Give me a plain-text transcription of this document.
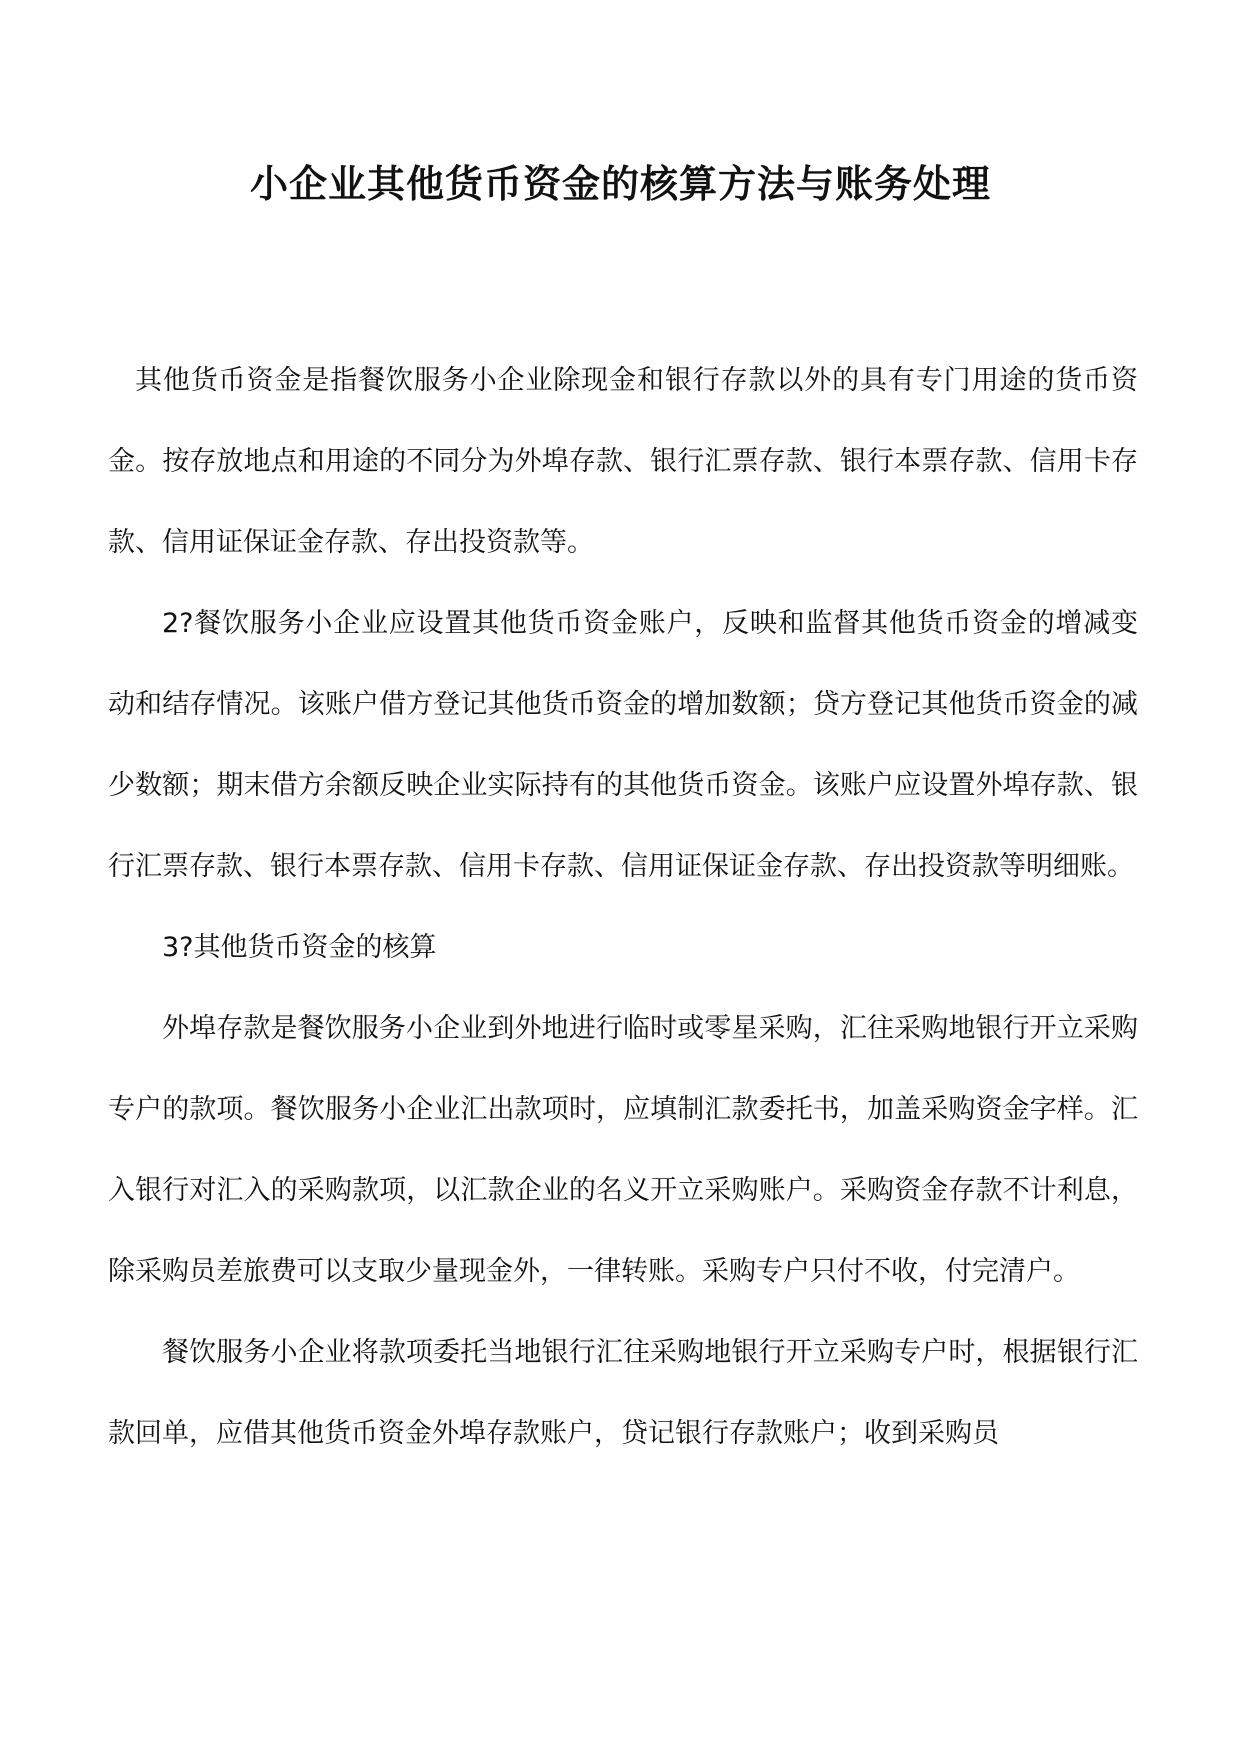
小企业其他货币资金的核算方法与账务处理

其他货币资金是指餐饮服务小企业除现金和银行存款以外的具有专门用途的货币资金。按存放地点和用途的不同分为外埠存款、银行汇票存款、银行本票存款、信用卡存款、信用证保证金存款、存出投资款等。

2?餐饮服务小企业应设置其他货币资金账户，反映和监督其他货币资金的增减变动和结存情况。该账户借方登记其他货币资金的增加数额；贷方登记其他货币资金的减少数额；期末借方余额反映企业实际持有的其他货币资金。该账户应设置外埠存款、银行汇票存款、银行本票存款、信用卡存款、信用证保证金存款、存出投资款等明细账。

3?其他货币资金的核算

外埠存款是餐饮服务小企业到外地进行临时或零星采购，汇往采购地银行开立采购专户的款项。餐饮服务小企业汇出款项时，应填制汇款委托书，加盖采购资金字样。汇入银行对汇入的采购款项，以汇款企业的名义开立采购账户。采购资金存款不计利息，除采购员差旅费可以支取少量现金外，一律转账。采购专户只付不收，付完清户。

餐饮服务小企业将款项委托当地银行汇往采购地银行开立采购专户时，根据银行汇款回单，应借其他货币资金外埠存款账户，贷记银行存款账户；收到采购员
